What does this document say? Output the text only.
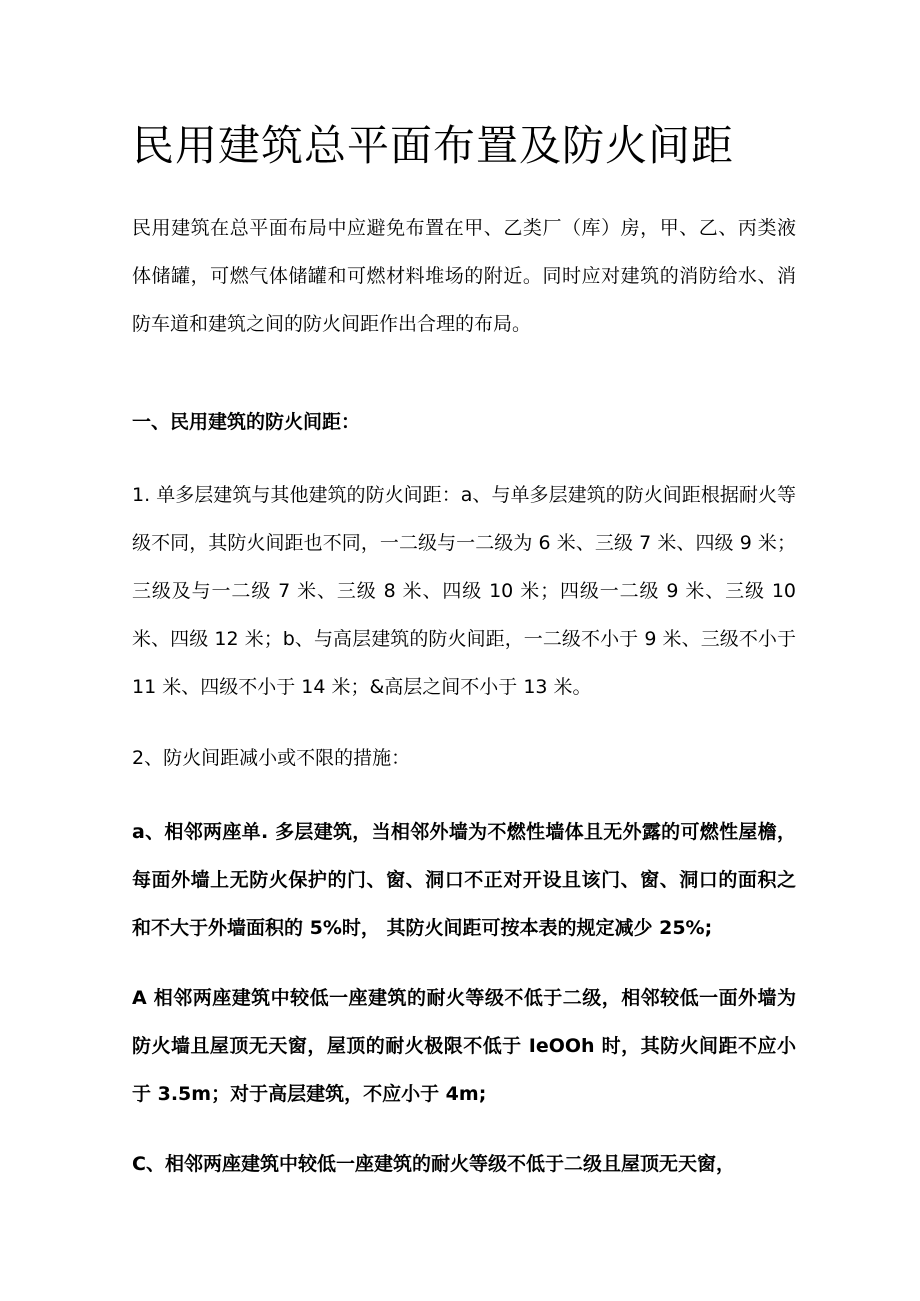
民用建筑总平面布置及防火间距

民用建筑在总平面布局中应避免布置在甲、乙类厂（库）房，甲、乙、丙类液体储罐，可燃气体储罐和可燃材料堆场的附近。同时应对建筑的消防给水、消防车道和建筑之间的防火间距作出合理的布局。

一、民用建筑的防火间距：

1. 单多层建筑与其他建筑的防火间距：a、与单多层建筑的防火间距根据耐火等级不同，其防火间距也不同，一二级与一二级为 6 米、三级 7 米、四级 9 米；三级及与一二级 7 米、三级 8 米、四级 10 米；四级一二级 9 米、三级 10 米、四级 12 米；b、与高层建筑的防火间距，一二级不小于 9 米、三级不小于 11 米、四级不小于 14 米；&高层之间不小于 13 米。

2、防火间距减小或不限的措施：

a、相邻两座单. 多层建筑，当相邻外墙为不燃性墙体且无外露的可燃性屋檐，每面外墙上无防火保护的门、窗、洞口不正对开设且该门、窗、洞口的面积之和不大于外墙面积的 5%时， 其防火间距可按本表的规定减少 25%;

A 相邻两座建筑中较低一座建筑的耐火等级不低于二级，相邻较低一面外墙为防火墙且屋顶无天窗，屋顶的耐火极限不低于 IeOOh 时，其防火间距不应小于 3.5m；对于高层建筑，不应小于 4m;

C、相邻两座建筑中较低一座建筑的耐火等级不低于二级且屋顶无天窗，
